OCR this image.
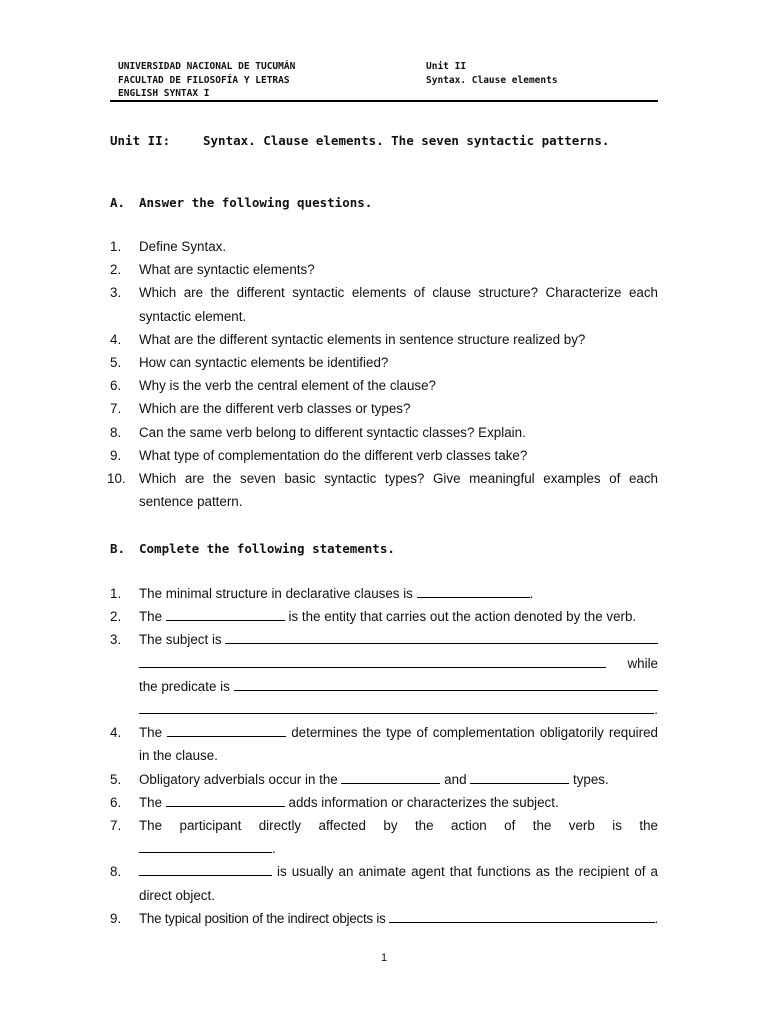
UNIVERSIDAD NACIONAL DE TUCUMÁN
FACULTAD DE FILOSOFÍA Y LETRAS
ENGLISH SYNTAX I
Unit II
Syntax. Clause elements
Unit II:	Syntax. Clause elements. The seven syntactic patterns.
A. Answer the following questions.
1. Define Syntax.
2. What are syntactic elements?
3. Which are the different syntactic elements of clause structure? Characterize each syntactic element.
4. What are the different syntactic elements in sentence structure realized by?
5. How can syntactic elements be identified?
6. Why is the verb the central element of the clause?
7. Which are the different verb classes or types?
8. Can the same verb belong to different syntactic classes? Explain.
9. What type of complementation do the different verb classes take?
10. Which are the seven basic syntactic types? Give meaningful examples of each sentence pattern.
B. Complete the following statements.
1. The minimal structure in declarative clauses is	.
2. The	is the entity that carries out the action denoted by the verb.
3. The subject is
while
the predicate is
.
4. The	determines the type of complementation obligatorily required in the clause.
5. Obligatory adverbials occur in the	and	types.
6. The	adds information or characterizes the subject.
7. The participant directly affected by the action of the verb is the
.
8.	is usually an animate agent that functions as the recipient of a direct object.
9. The typical position of the indirect objects is	.
1
